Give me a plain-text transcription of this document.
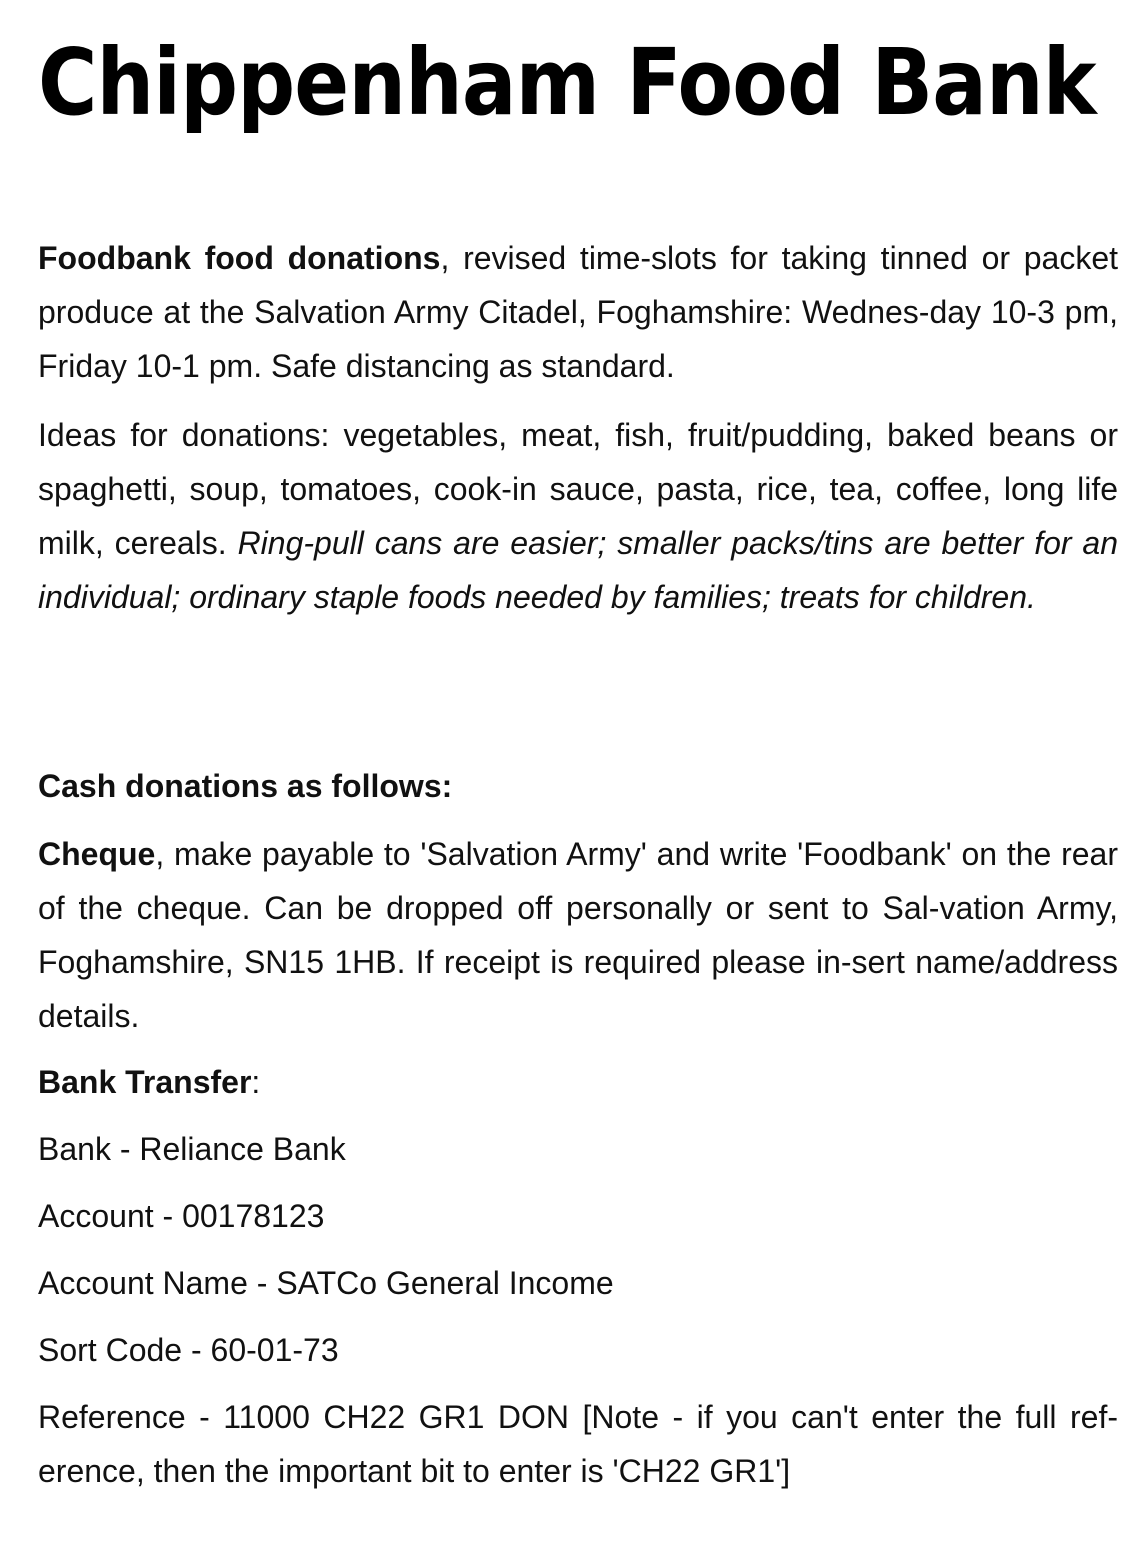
Chippenham Food Bank

Foodbank food donations, revised time-slots for taking tinned or packet produce at the Salvation Army Citadel, Foghamshire: Wednes-day 10-3 pm, Friday 10-1 pm. Safe distancing as standard.

Ideas for donations: vegetables, meat, fish, fruit/pudding, baked beans or spaghetti, soup, tomatoes, cook-in sauce, pasta, rice, tea, coffee, long life milk, cereals. Ring-pull cans are easier; smaller packs/tins are better for an individual; ordinary staple foods needed by families; treats for children.

Cash donations as follows:

Cheque, make payable to 'Salvation Army' and write 'Foodbank' on the rear of the cheque. Can be dropped off personally or sent to Sal-vation Army, Foghamshire, SN15 1HB. If receipt is required please in-sert name/address details.

Bank Transfer:

Bank - Reliance Bank

Account - 00178123

Account Name - SATCo General Income

Sort Code - 60-01-73

Reference - 11000 CH22 GR1 DON [Note - if you can't enter the full ref-erence, then the important bit to enter is 'CH22 GR1']
